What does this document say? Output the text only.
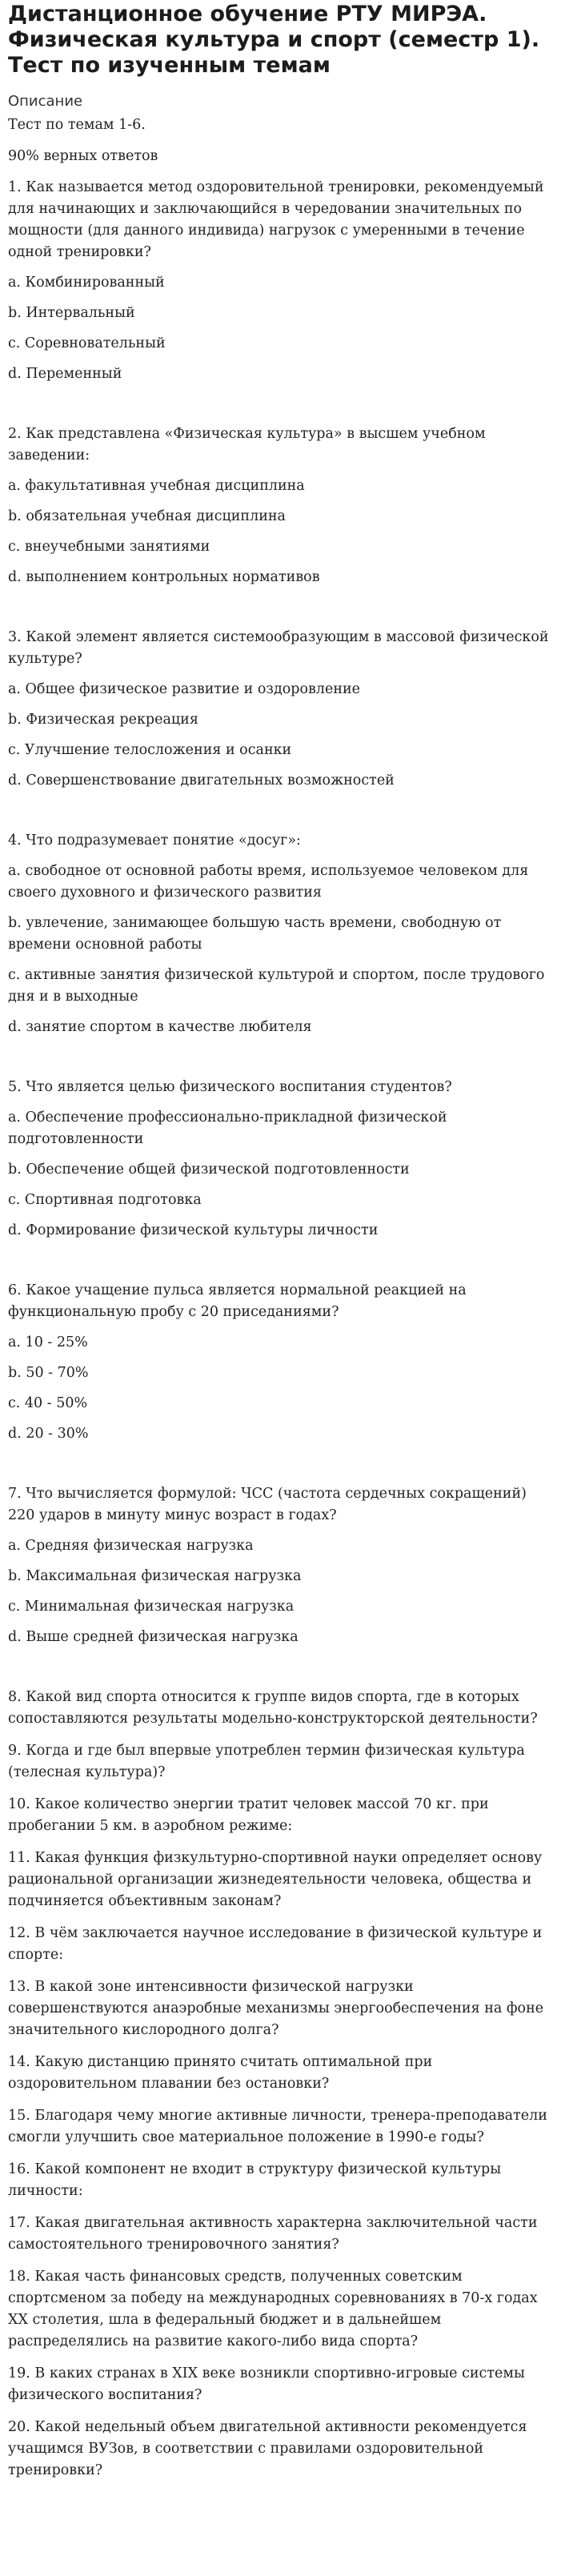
Дистанционное обучение РТУ МИРЭА. Физическая культура и спорт (семестр 1). Тест по изученным темам
Описание

Тест по темам 1-6.

90% верных ответов

1. Как называется метод оздоровительной тренировки, рекомендуемый для начинающих и заключающийся в чередовании значительных по мощности (для данного индивида) нагрузок с умеренными в течение одной тренировки?

a. Комбинированный

b. Интервальный

c. Соревновательный

d. Переменный

2. Как представлена «Физическая культура» в высшем учебном заведении:

a. факультативная учебная дисциплина

b. обязательная учебная дисциплина

c. внеучебными занятиями

d. выполнением контрольных нормативов

3. Какой элемент является системообразующим в массовой физической культуре?

a. Общее физическое развитие и оздоровление

b. Физическая рекреация

c. Улучшение телосложения и осанки

d. Совершенствование двигательных возможностей

4. Что подразумевает понятие «досуг»:

a. свободное от основной работы время, используемое человеком для своего духовного и физического развития

b. увлечение, занимающее большую часть времени, свободную от времени основной работы

c. активные занятия физической культурой и спортом, после трудового дня и в выходные

d. занятие спортом в качестве любителя

5. Что является целью физического воспитания студентов?

a. Обеспечение профессионально-прикладной физической подготовленности

b. Обеспечение общей физической подготовленности

c. Спортивная подготовка

d. Формирование физической культуры личности

6. Какое учащение пульса является нормальной реакцией на функциональную пробу с 20 приседаниями?

a. 10 - 25%

b. 50 - 70%

c. 40 - 50%

d. 20 - 30%

7. Что вычисляется формулой: ЧСС (частота сердечных сокращений) 220 ударов в минуту минус возраст в годах?

a. Средняя физическая нагрузка

b. Максимальная физическая нагрузка

c. Минимальная физическая нагрузка

d. Выше средней физическая нагрузка

8. Какой вид спорта относится к группе видов спорта, где в которых сопоставляются результаты модельно-конструкторской деятельности?

9. Когда и где был впервые употреблен термин физическая культура (телесная культура)?

10. Какое количество энергии тратит человек массой 70 кг. при пробегании 5 км. в аэробном режиме:

11. Какая функция физкультурно-спортивной науки определяет основу рациональной организации жизнедеятельности человека, общества и подчиняется объективным законам?

12. В чём заключается научное исследование в физической культуре и спорте:

13. В какой зоне интенсивности физической нагрузки совершенствуются анаэробные механизмы энергообеспечения на фоне значительного кислородного долга?

14. Какую дистанцию принято считать оптимальной при оздоровительном плавании без остановки?

15. Благодаря чему многие активные личности, тренера-преподаватели смогли улучшить свое материальное положение в 1990-е годы?

16. Какой компонент не входит в структуру физической культуры личности:

17. Какая двигательная активность характерна заключительной части самостоятельного тренировочного занятия?

18. Какая часть финансовых средств, полученных советским спортсменом за победу на международных соревнованиях в 70-х годах XX столетия, шла в федеральный бюджет и в дальнейшем распределялись на развитие какого-либо вида спорта?

19. В каких странах в XIX веке возникли спортивно-игровые системы физического воспитания?

20. Какой недельный объем двигательной активности рекомендуется учащимся ВУЗов, в соответствии с правилами оздоровительной тренировки?
